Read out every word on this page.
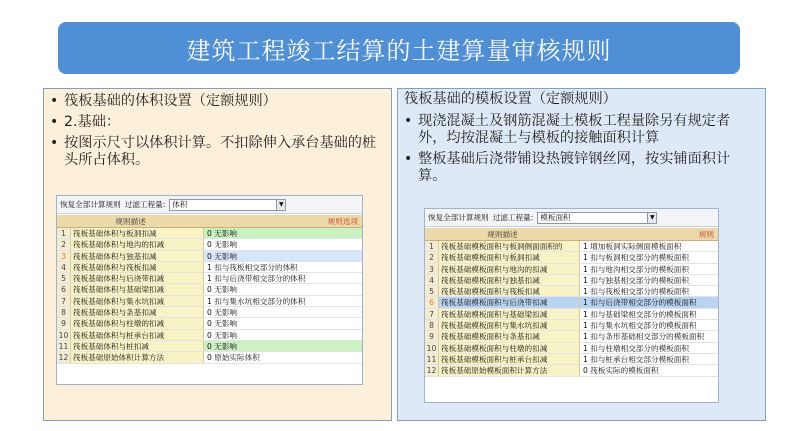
建筑工程竣工结算的土建算量审核规则
• 筏板基础的体积设置（定额规则）
• 2.基础：
• 按图示尺寸以体积计算。不扣除伸入承台基础的桩头所占体积。
恢复全部计算规则 过滤工程量: 体积	▼
规则描述	规则选项
1 筏板基础体积与板洞扣减	0 无影响
2 筏板基础体积与地沟的扣减	0 无影响
3 筏板基础体积与独基扣减	0 无影响
4 筏板基础体积与筏板扣减	1 扣与筏板相交部分的体积
5 筏板基础体积与后浇带扣减	1 扣与后浇带相交部分的体积
6 筏板基础体积与基础梁扣减	0 无影响
7 筏板基础体积与集水坑扣减	1 扣与集水坑相交部分的体积
8 筏板基础体积与条基扣减	0 无影响
9 筏板基础体积与柱墩的扣减	0 无影响
10 筏板基础体积与桩承台扣减	0 无影响
11 筏板基础体积与桩扣减	0 无影响
12 筏板基础原始体积计算方法	0 原始实际体积
筏板基础的模板设置（定额规则）
• 现浇混凝土及钢筋混凝土模板工程量除另有规定者外，均按混凝土与模板的接触面积计算
• 整板基础后浇带铺设热镀锌钢丝网，按实铺面积计算。
恢复全部计算规则 过滤工程量: 模板面积	▼
规则描述	规则
1 筏板基础模板面积与板洞侧面面积的	1 增加板洞实际侧面模板面积
2 筏板基础模板面积与板洞扣减	1 扣与板洞相交部分的模板面积
3 筏板基础模板面积与地沟的扣减	1 扣与地沟相交部分的模板面积
4 筏板基础模板面积与独基扣减	1 扣与独基相交部分的模板面积
5 筏板基础模板面积与筏板扣减	1 扣与筏板相交部分的模板面积
6 筏板基础模板面积与后浇带扣减	1 扣与后浇带相交部分的模板面积
7 筏板基础模板面积与基础梁扣减	1 扣与基础梁相交部分的模板面积
8 筏板基础模板面积与集水坑扣减	1 扣与集水坑相交部分的模板面积
9 筏板基础模板面积与条基扣减	1 扣与条形基础相交部分的模板面积
10 筏板基础模板面积与柱墩的扣减	1 扣与柱墩相交部分的模板面积
11 筏板基础模板面积与桩承台扣减	1 扣与桩承台相交部分模板面积
12 筏板基础原始模板面积计算方法	0 筏板实际的模板面积
